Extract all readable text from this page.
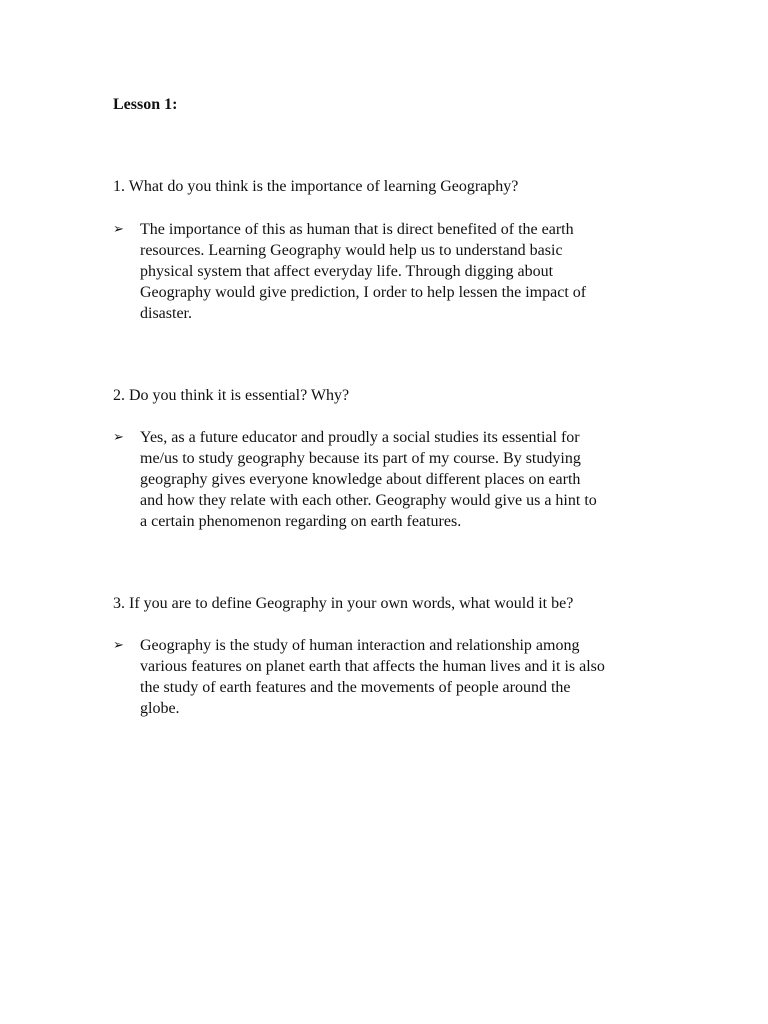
Lesson 1:

1. What do you think is the importance of learning Geography?

➢ The importance of this as human that is direct benefited of the earth
resources. Learning Geography would help us to understand basic
physical system that affect everyday life. Through digging about
Geography would give prediction, I order to help lessen the impact of
disaster.

2. Do you think it is essential? Why?

➢ Yes, as a future educator and proudly a social studies its essential for
me/us to study geography because its part of my course. By studying
geography gives everyone knowledge about different places on earth
and how they relate with each other. Geography would give us a hint to
a certain phenomenon regarding on earth features.

3. If you are to define Geography in your own words, what would it be?

➢ Geography is the study of human interaction and relationship among
various features on planet earth that affects the human lives and it is also
the study of earth features and the movements of people around the
globe.
